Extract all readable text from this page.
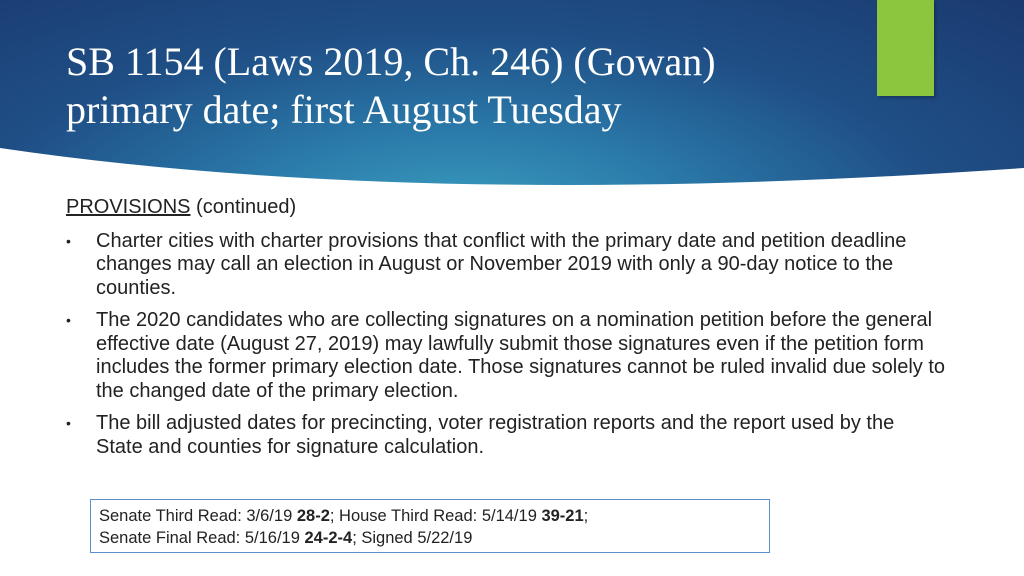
SB 1154 (Laws 2019, Ch. 246) (Gowan)
primary date; first August Tuesday

PROVISIONS (continued)

• Charter cities with charter provisions that conflict with the primary date and petition deadline changes may call an election in August or November 2019 with only a 90-day notice to the counties.
• The 2020 candidates who are collecting signatures on a nomination petition before the general effective date (August 27, 2019) may lawfully submit those signatures even if the petition form includes the former primary election date. Those signatures cannot be ruled invalid due solely to the changed date of the primary election.
• The bill adjusted dates for precincting, voter registration reports and the report used by the State and counties for signature calculation.
Senate Third Read: 3/6/19 28-2; House Third Read: 5/14/19 39-21;
Senate Final Read: 5/16/19 24-2-4; Signed 5/22/19
